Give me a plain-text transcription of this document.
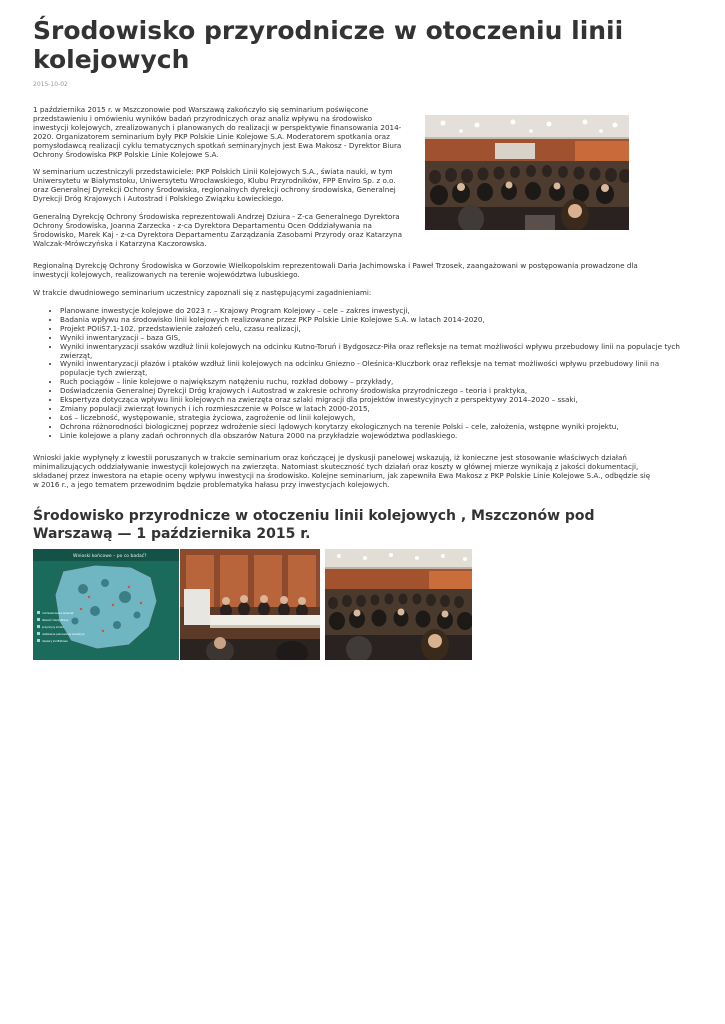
Środowisko przyrodnicze w otoczeniu linii kolejowych
2015-10-02

1 października 2015 r. w Mszczonowie pod Warszawą zakończyło się seminarium poświęcone przedstawieniu i omówieniu wyników badań przyrodniczych oraz analiz wpływu na środowisko inwestycji kolejowych, zrealizowanych i planowanych do realizacji w perspektywie finansowania 2014-2020. Organizatorem seminarium były PKP Polskie Linie Kolejowe S.A. Moderatorem spotkania oraz pomysłodawcą realizacji cyklu tematycznych spotkań seminaryjnych jest Ewa Makosz - Dyrektor Biura Ochrony Środowiska PKP Polskie Linie Kolejowe S.A.

W seminarium uczestniczyli przedstawiciele: PKP Polskich Linii Kolejowych S.A., świata nauki, w tym Uniwersytetu w Białymstoku, Uniwersytetu Wrocławskiego, Klubu Przyrodników, FPP Enviro Sp. z o.o. oraz Generalnej Dyrekcji Ochrony Środowiska, regionalnych dyrekcji ochrony środowiska, Generalnej Dyrekcji Dróg Krajowych i Autostrad i Polskiego Związku Łowieckiego.

Generalną Dyrekcję Ochrony Środowiska reprezentowali Andrzej Dziura - Z-ca Generalnego Dyrektora Ochrony Środowiska, Joanna Zarzecka - z-ca Dyrektora Departamentu Ocen Oddziaływania na Środowisko, Marek Kaj - z-ca Dyrektora Departamentu Zarządzania Zasobami Przyrody oraz Katarzyna Walczak-Mrówczyńska i Katarzyna Kaczorowska.

Regionalną Dyrekcję Ochrony Środowiska w Gorzowie Wielkopolskim reprezentowali Daria Jachimowska i Paweł Trzosek, zaangażowani w postępowania prowadzone dla inwestycji kolejowych, realizowanych na terenie województwa lubuskiego.

W trakcie dwudniowego seminarium uczestnicy zapoznali się z następującymi zagadnieniami:

• Planowane inwestycje kolejowe do 2023 r. – Krajowy Program Kolejowy – cele – zakres inwestycji,
• Badania wpływu na środowisko linii kolejowych realizowane przez PKP Polskie Linie Kolejowe S.A. w latach 2014-2020,
• Projekt POIiŚ7.1-102. przedstawienie założeń celu, czasu realizacji,
• Wyniki inwentaryzacji – baza GIS,
• Wyniki inwentaryzacji ssaków wzdłuż linii kolejowych na odcinku Kutno-Toruń i Bydgoszcz-Piła oraz refleksje na temat możliwości wpływu przebudowy linii na populacje tych zwierząt,
• Wyniki inwentaryzacji płazów i ptaków wzdłuż linii kolejowych na odcinku Gniezno - Oleśnica-Kluczbork oraz refleksje na temat możliwości wpływu przebudowy linii na populacje tych zwierząt,
• Ruch pociągów – linie kolejowe o największym natężeniu ruchu, rozkład dobowy – przykłady,
• Doświadczenia Generalnej Dyrekcji Dróg krajowych i Autostrad w zakresie ochrony środowiska przyrodniczego – teoria i praktyka,
• Ekspertyza dotycząca wpływu linii kolejowych na zwierzęta oraz szlaki migracji dla projektów inwestycyjnych z perspektywy 2014–2020 – ssaki,
• Zmiany populacji zwierząt łownych i ich rozmieszczenie w Polsce w latach 2000-2015,
• Łoś – liczebność, występowanie, strategia życiowa, zagrożenie od linii kolejowych,
• Ochrona różnorodności biologicznej poprzez wdrożenie sieci lądowych korytarzy ekologicznych na terenie Polski – cele, założenia, wstępne wyniki projektu,
• Linie kolejowe a plany zadań ochronnych dla obszarów Natura 2000 na przykładzie województwa podlaskiego.

Wnioski jakie wypłynęły z kwestii poruszanych w trakcie seminarium oraz kończącej je dyskusji panelowej wskazują, iż konieczne jest stosowanie właściwych działań minimalizujących oddziaływanie inwestycji kolejowych na zwierzęta. Natomiast skuteczność tych działań oraz koszty w głównej mierze wynikają z jakości dokumentacji, składanej przez inwestora na etapie oceny wpływu inwestycji na środowisko. Kolejne seminarium, jak zapewniła Ewa Makosz z PKP Polskie Linie Kolejowe S.A., odbędzie się w 2016 r., a jego tematem przewodnim będzie problematyka hałasu przy inwestycjach kolejowych.

Środowisko przyrodnicze w otoczeniu linii kolejowych , Mszczonów pod Warszawą — 1 października 2015 r.
Wnioski końcowe – po co badać?
rozmieszczenie zwierząt
łatwość identyfikacji
przyczyny zmian
ułatwienie planowania inwestycji
obszary konfliktowe
